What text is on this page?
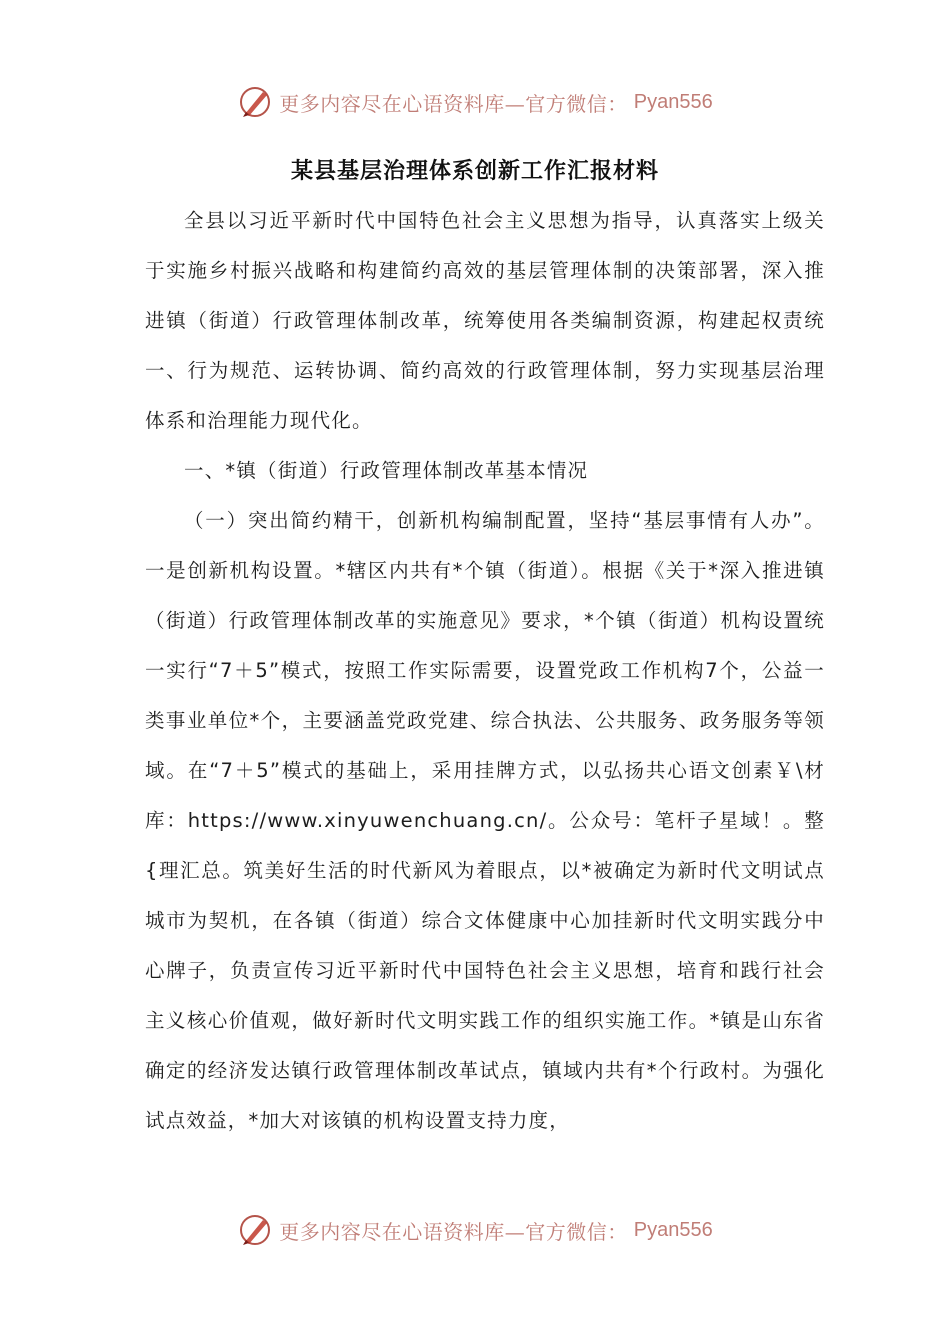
更多内容尽在心语资料库—官方微信： Pyan556
某县基层治理体系创新工作汇报材料

全县以习近平新时代中国特色社会主义思想为指导，认真落实上级关于实施乡村振兴战略和构建简约高效的基层管理体制的决策部署，深入推进镇（街道）行政管理体制改革，统筹使用各类编制资源，构建起权责统一、行为规范、运转协调、简约高效的行政管理体制，努力实现基层治理体系和治理能力现代化。

一、*镇（街道）行政管理体制改革基本情况

（一）突出简约精干，创新机构编制配置，坚持“基层事情有人办”。一是创新机构设置。*辖区内共有*个镇（街道）。根据《关于*深入推进镇（街道）行政管理体制改革的实施意见》要求，*个镇（街道）机构设置统一实行“7＋5”模式，按照工作实际需要，设置党政工作机构7个，公益一类事业单位*个，主要涵盖党政党建、综合执法、公共服务、政务服务等领域。在“7＋5”模式的基础上，采用挂牌方式，以弘扬共心语文创素￥\材库：https://www.xinyuwenchuang.cn/。公众号：笔杆子星域！。整{理汇总。筑美好生活的时代新风为着眼点，以*被确定为新时代文明试点城市为契机，在各镇（街道）综合文体健康中心加挂新时代文明实践分中心牌子，负责宣传习近平新时代中国特色社会主义思想，培育和践行社会主义核心价值观，做好新时代文明实践工作的组织实施工作。*镇是山东省确定的经济发达镇行政管理体制改革试点，镇域内共有*个行政村。为强化试点效益，*加大对该镇的机构设置支持力度，

更多内容尽在心语资料库—官方微信： Pyan556
